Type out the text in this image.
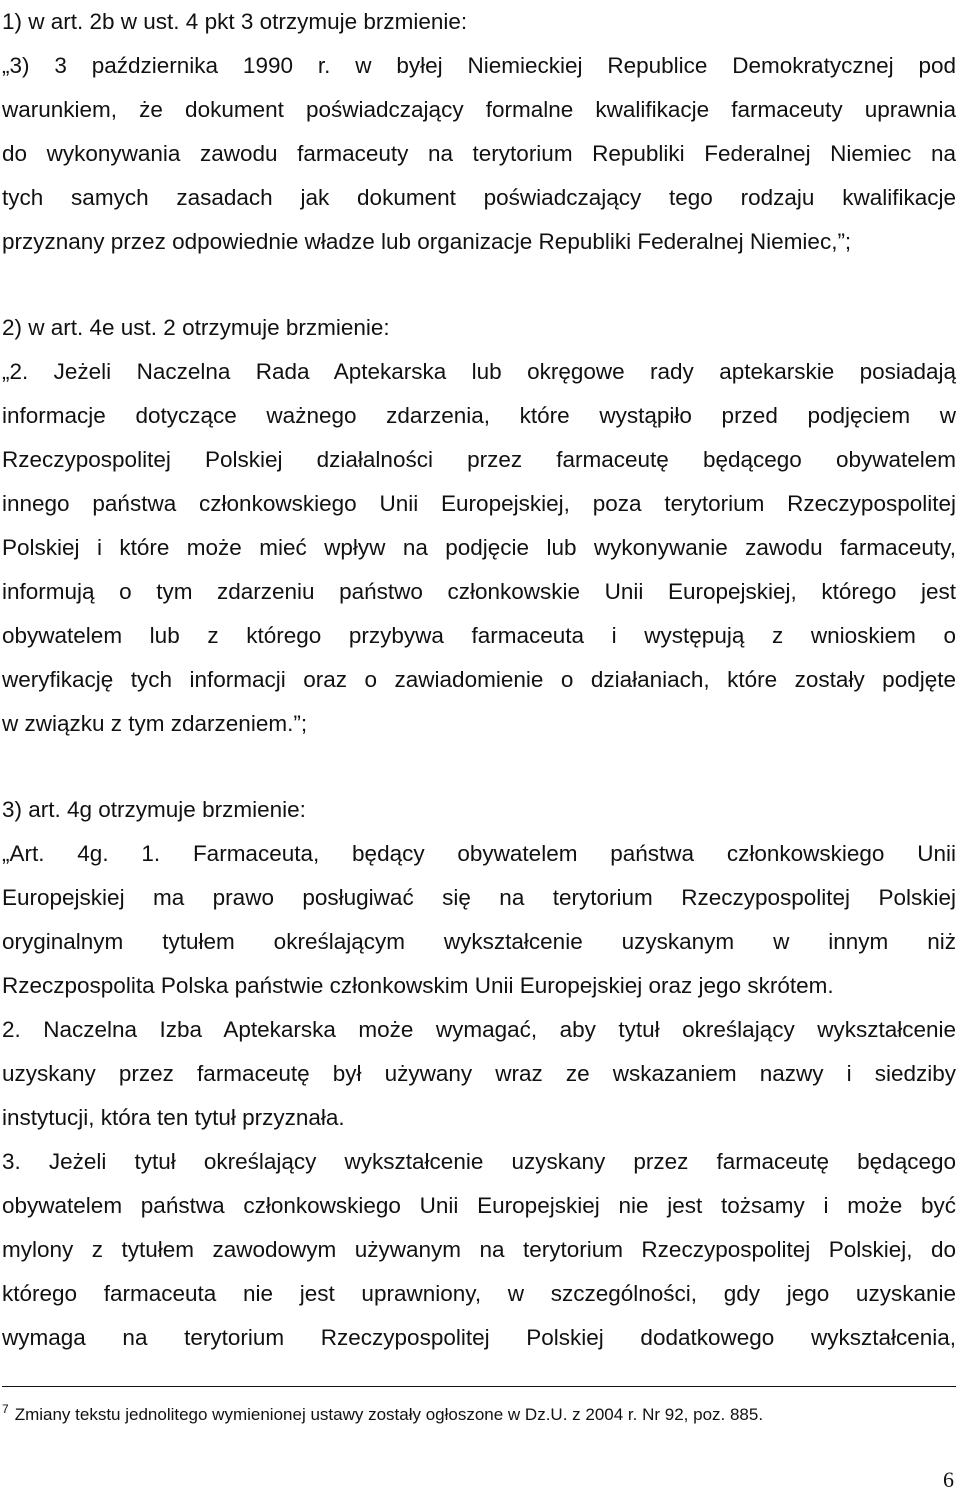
1) w art. 2b w ust. 4 pkt 3 otrzymuje brzmienie:
„3) 3 października 1990 r. w byłej Niemieckiej Republice Demokratycznej pod
warunkiem, że dokument poświadczający formalne kwalifikacje farmaceuty uprawnia
do wykonywania zawodu farmaceuty na terytorium Republiki Federalnej Niemiec na
tych samych zasadach jak dokument poświadczający tego rodzaju kwalifikacje
przyznany przez odpowiednie władze lub organizacje Republiki Federalnej Niemiec,”;
2) w art. 4e ust. 2 otrzymuje brzmienie:
„2. Jeżeli Naczelna Rada Aptekarska lub okręgowe rady aptekarskie posiadają
informacje dotyczące ważnego zdarzenia, które wystąpiło przed podjęciem w
Rzeczypospolitej Polskiej działalności przez farmaceutę będącego obywatelem
innego państwa członkowskiego Unii Europejskiej, poza terytorium Rzeczypospolitej
Polskiej i które może mieć wpływ na podjęcie lub wykonywanie zawodu farmaceuty,
informują o tym zdarzeniu państwo członkowskie Unii Europejskiej, którego jest
obywatelem lub z którego przybywa farmaceuta i występują z wnioskiem o
weryfikację tych informacji oraz o zawiadomienie o działaniach, które zostały podjęte
w związku z tym zdarzeniem.”;
3) art. 4g otrzymuje brzmienie:
„Art. 4g. 1. Farmaceuta, będący obywatelem państwa członkowskiego Unii
Europejskiej ma prawo posługiwać się na terytorium Rzeczypospolitej Polskiej
oryginalnym tytułem określającym wykształcenie uzyskanym w innym niż
Rzeczpospolita Polska państwie członkowskim Unii Europejskiej oraz jego skrótem.
2. Naczelna Izba Aptekarska może wymagać, aby tytuł określający wykształcenie
uzyskany przez farmaceutę był używany wraz ze wskazaniem nazwy i siedziby
instytucji, która ten tytuł przyznała.
3. Jeżeli tytuł określający wykształcenie uzyskany przez farmaceutę będącego
obywatelem państwa członkowskiego Unii Europejskiej nie jest tożsamy i może być
mylony z tytułem zawodowym używanym na terytorium Rzeczypospolitej Polskiej, do
którego farmaceuta nie jest uprawniony, w szczególności, gdy jego uzyskanie
wymaga na terytorium Rzeczypospolitej Polskiej dodatkowego wykształcenia,
$^7$ Zmiany tekstu jednolitego wymienionej ustawy zostały ogłoszone w Dz.U. z 2004 r. Nr 92, poz. 885.
6
